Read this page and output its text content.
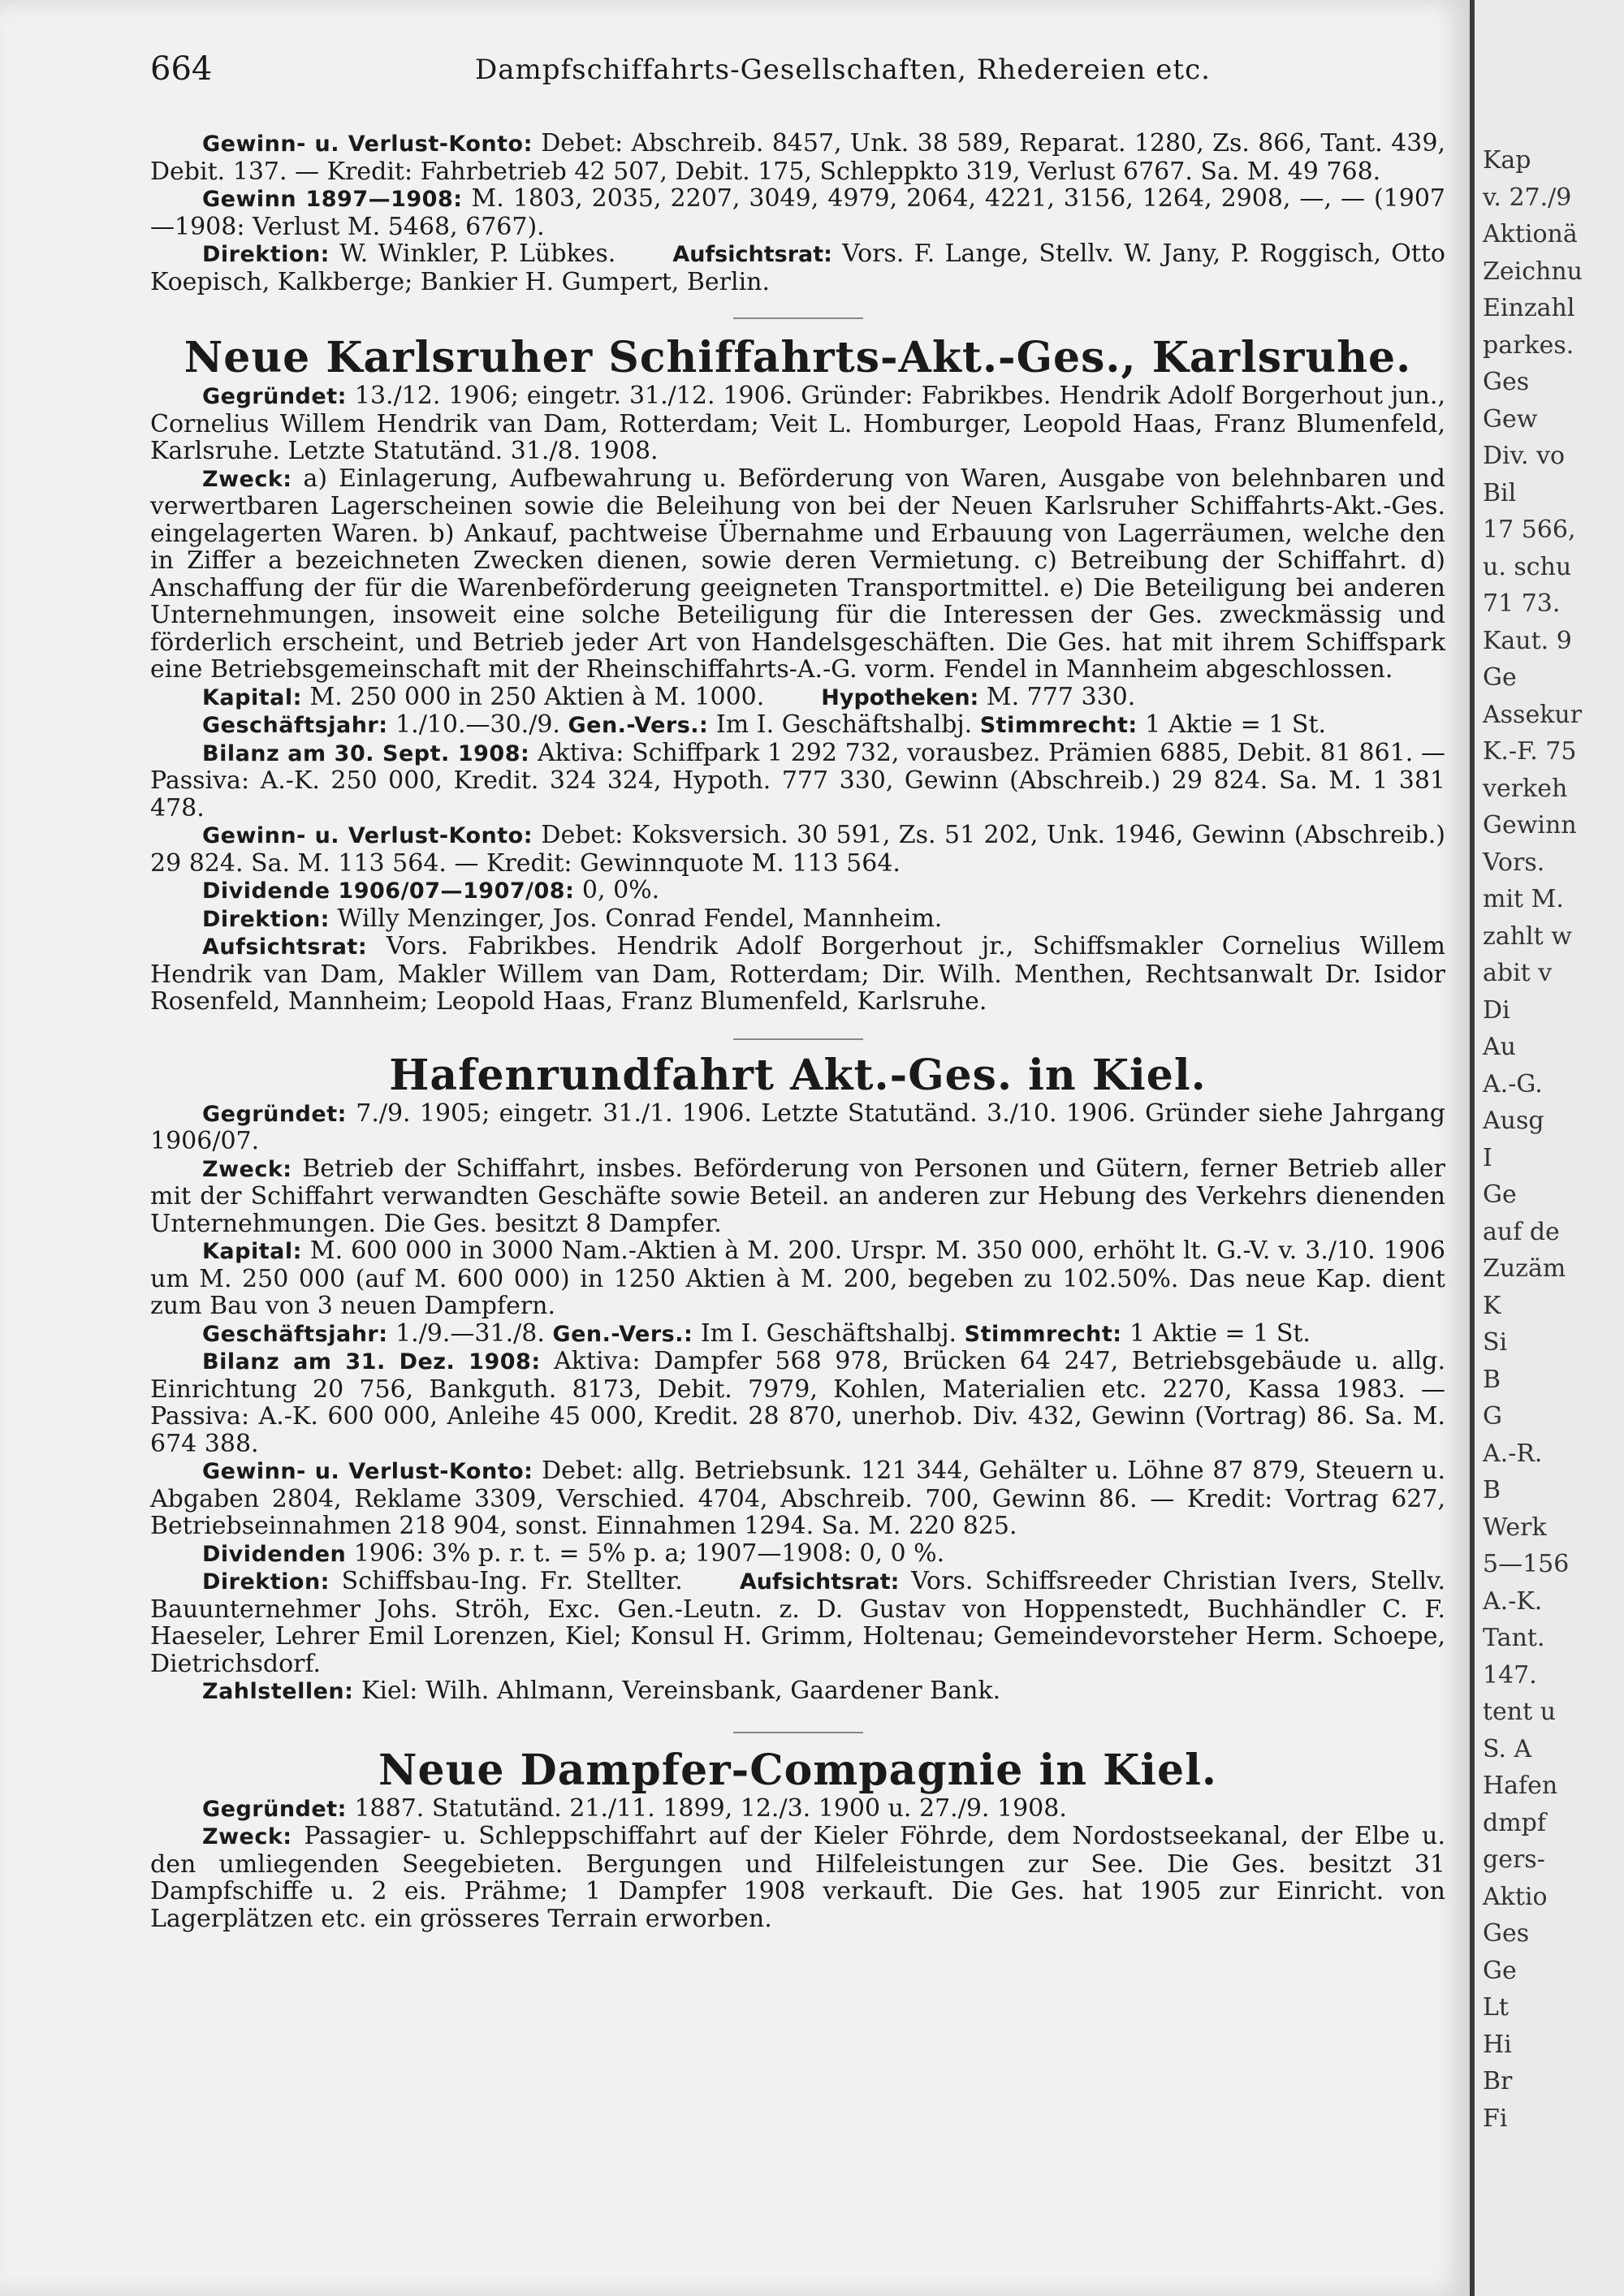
664	Dampfschiffahrts-Gesellschaften, Rhedereien etc.

Gewinn- u. Verlust-Konto: Debet: Abschreib. 8457, Unk. 38 589, Reparat. 1280, Zs. 866, Tant. 439, Debit. 137. — Kredit: Fahrbetrieb 42 507, Debit. 175, Schleppkto 319, Verlust 6767. Sa. M. 49 768.

Gewinn 1897—1908: M. 1803, 2035, 2207, 3049, 4979, 2064, 4221, 3156, 1264, 2908, —, — (1907—1908: Verlust M. 5468, 6767).

Direktion: W. Winkler, P. Lübkes.	Aufsichtsrat: Vors. F. Lange, Stellv. W. Jany, P. Roggisch, Otto Koepisch, Kalkberge; Bankier H. Gumpert, Berlin.

Neue Karlsruher Schiffahrts-Akt.-Ges., Karlsruhe.

Gegründet: 13./12. 1906; eingetr. 31./12. 1906. Gründer: Fabrikbes. Hendrik Adolf Borgerhout jun., Cornelius Willem Hendrik van Dam, Rotterdam; Veit L. Homburger, Leopold Haas, Franz Blumenfeld, Karlsruhe. Letzte Statutänd. 31./8. 1908.

Zweck: a) Einlagerung, Aufbewahrung u. Beförderung von Waren, Ausgabe von belehnbaren und verwertbaren Lagerscheinen sowie die Beleihung von bei der Neuen Karlsruher Schiffahrts-Akt.-Ges. eingelagerten Waren. b) Ankauf, pachtweise Übernahme und Erbauung von Lagerräumen, welche den in Ziffer a bezeichneten Zwecken dienen, sowie deren Vermietung. c) Betreibung der Schiffahrt. d) Anschaffung der für die Warenbeförderung geeigneten Transportmittel. e) Die Beteiligung bei anderen Unternehmungen, insoweit eine solche Beteiligung für die Interessen der Ges. zweckmässig und förderlich erscheint, und Betrieb jeder Art von Handelsgeschäften. Die Ges. hat mit ihrem Schiffspark eine Betriebsgemeinschaft mit der Rheinschiffahrts-A.-G. vorm. Fendel in Mannheim abgeschlossen.

Kapital: M. 250 000 in 250 Aktien à M. 1000.	Hypotheken: M. 777 330.

Geschäftsjahr: 1./10.—30./9. Gen.-Vers.: Im I. Geschäftshalbj. Stimmrecht: 1 Aktie = 1 St.

Bilanz am 30. Sept. 1908: Aktiva: Schiffpark 1 292 732, vorausbez. Prämien 6885, Debit. 81 861. — Passiva: A.-K. 250 000, Kredit. 324 324, Hypoth. 777 330, Gewinn (Abschreib.) 29 824. Sa. M. 1 381 478.

Gewinn- u. Verlust-Konto: Debet: Koksversich. 30 591, Zs. 51 202, Unk. 1946, Gewinn (Abschreib.) 29 824. Sa. M. 113 564. — Kredit: Gewinnquote M. 113 564.

Dividende 1906/07—1907/08: 0, 0%.

Direktion: Willy Menzinger, Jos. Conrad Fendel, Mannheim.

Aufsichtsrat: Vors. Fabrikbes. Hendrik Adolf Borgerhout jr., Schiffsmakler Cornelius Willem Hendrik van Dam, Makler Willem van Dam, Rotterdam; Dir. Wilh. Menthen, Rechtsanwalt Dr. Isidor Rosenfeld, Mannheim; Leopold Haas, Franz Blumenfeld, Karlsruhe.

Hafenrundfahrt Akt.-Ges. in Kiel.

Gegründet: 7./9. 1905; eingetr. 31./1. 1906. Letzte Statutänd. 3./10. 1906. Gründer siehe Jahrgang 1906/07.

Zweck: Betrieb der Schiffahrt, insbes. Beförderung von Personen und Gütern, ferner Betrieb aller mit der Schiffahrt verwandten Geschäfte sowie Beteil. an anderen zur Hebung des Verkehrs dienenden Unternehmungen. Die Ges. besitzt 8 Dampfer.

Kapital: M. 600 000 in 3000 Nam.-Aktien à M. 200. Urspr. M. 350 000, erhöht lt. G.-V. v. 3./10. 1906 um M. 250 000 (auf M. 600 000) in 1250 Aktien à M. 200, begeben zu 102.50%. Das neue Kap. dient zum Bau von 3 neuen Dampfern.

Geschäftsjahr: 1./9.—31./8. Gen.-Vers.: Im I. Geschäftshalbj. Stimmrecht: 1 Aktie = 1 St.

Bilanz am 31. Dez. 1908: Aktiva: Dampfer 568 978, Brücken 64 247, Betriebsgebäude u. allg. Einrichtung 20 756, Bankguth. 8173, Debit. 7979, Kohlen, Materialien etc. 2270, Kassa 1983. — Passiva: A.-K. 600 000, Anleihe 45 000, Kredit. 28 870, unerhob. Div. 432, Gewinn (Vortrag) 86. Sa. M. 674 388.

Gewinn- u. Verlust-Konto: Debet: allg. Betriebsunk. 121 344, Gehälter u. Löhne 87 879, Steuern u. Abgaben 2804, Reklame 3309, Verschied. 4704, Abschreib. 700, Gewinn 86. — Kredit: Vortrag 627, Betriebseinnahmen 218 904, sonst. Einnahmen 1294. Sa. M. 220 825.

Dividenden 1906: 3% p. r. t. = 5% p. a; 1907—1908: 0, 0 %.

Direktion: Schiffsbau-Ing. Fr. Stellter.	Aufsichtsrat: Vors. Schiffsreeder Christian Ivers, Stellv. Bauunternehmer Johs. Ströh, Exc. Gen.-Leutn. z. D. Gustav von Hoppenstedt, Buchhändler C. F. Haeseler, Lehrer Emil Lorenzen, Kiel; Konsul H. Grimm, Holtenau; Gemeindevorsteher Herm. Schoepe, Dietrichsdorf.

Zahlstellen: Kiel: Wilh. Ahlmann, Vereinsbank, Gaardener Bank.

Neue Dampfer-Compagnie in Kiel.

Gegründet: 1887. Statutänd. 21./11. 1899, 12./3. 1900 u. 27./9. 1908.

Zweck: Passagier- u. Schleppschiffahrt auf der Kieler Föhrde, dem Nordostseekanal, der Elbe u. den umliegenden Seegebieten. Bergungen und Hilfeleistungen zur See. Die Ges. besitzt 31 Dampfschiffe u. 2 eis. Prähme; 1 Dampfer 1908 verkauft. Die Ges. hat 1905 zur Einricht. von Lagerplätzen etc. ein grösseres Terrain erworben.

Kap
v. 27./9
Aktionä
Zeichnu
Einzahl
parkes.
Ges
Gew
Div. vo
Bil
17 566,
u. schu
71 73.
Kaut. 9
Ge
Assekur
K.-F. 75
verkeh
Gewinn
Vors.
mit M.
zahlt w
abit v
Di
Au
A.-G.
Ausg
I
Ge
auf de
Zuzäm
K
Si
B
G
A.-R.
B
Werk
5—156
A.-K.
Tant.
147.
tent u
S. A
Hafen
dmpf
gers-
Aktio
Ges
Ge
Lt
Hi
Br
Fi
